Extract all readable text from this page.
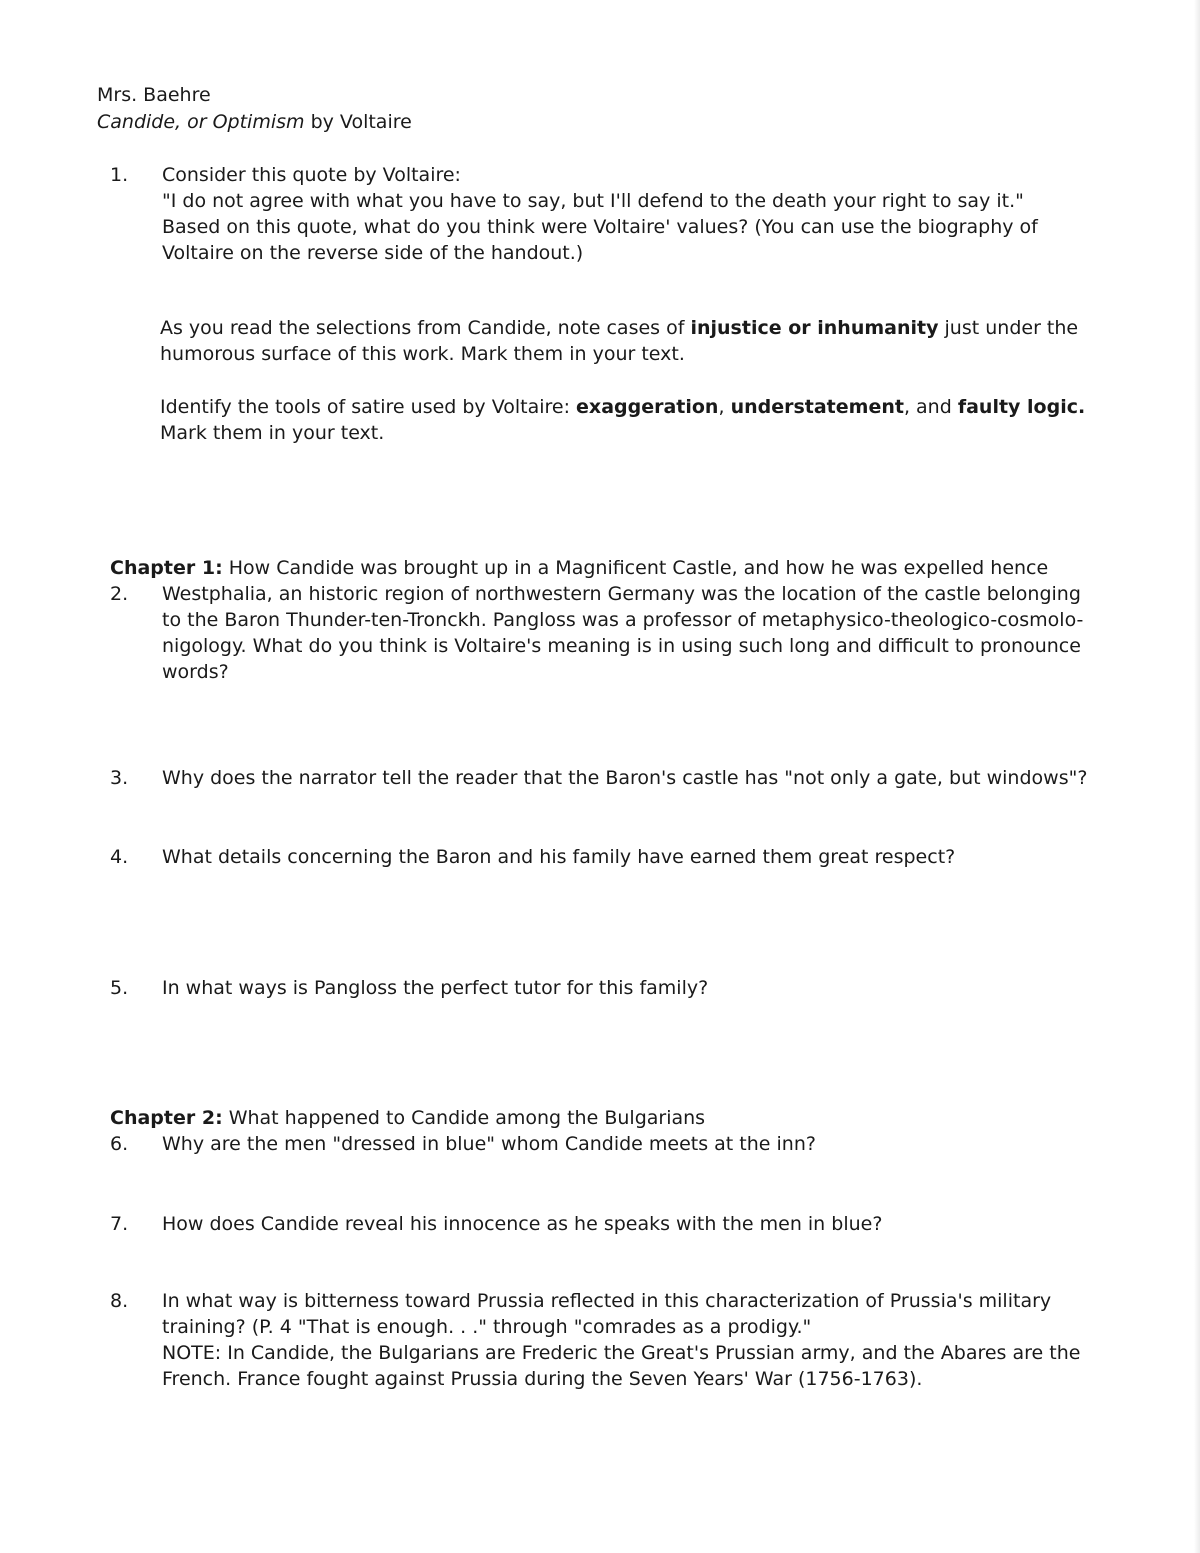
Mrs. Baehre
Candide, or Optimism by Voltaire
1.	Consider this quote by Voltaire:
"I do not agree with what you have to say, but I'll defend to the death your right to say it."
Based on this quote, what do you think were Voltaire' values? (You can use the biography of Voltaire on the reverse side of the handout.)
As you read the selections from Candide, note cases of injustice or inhumanity just under the humorous surface of this work. Mark them in your text.
Identify the tools of satire used by Voltaire: exaggeration, understatement, and faulty logic. Mark them in your text.
Chapter 1: How Candide was brought up in a Magnificent Castle, and how he was expelled hence
2.	Westphalia, an historic region of northwestern Germany was the location of the castle belonging to the Baron Thunder-ten-Tronckh. Pangloss was a professor of metaphysico-theologico-cosmolo-nigology. What do you think is Voltaire's meaning is in using such long and difficult to pronounce words?
3.	Why does the narrator tell the reader that the Baron's castle has "not only a gate, but windows"?
4.	What details concerning the Baron and his family have earned them great respect?
5.	In what ways is Pangloss the perfect tutor for this family?
Chapter 2: What happened to Candide among the Bulgarians
6.	Why are the men "dressed in blue" whom Candide meets at the inn?
7.	How does Candide reveal his innocence as he speaks with the men in blue?
8.	In what way is bitterness toward Prussia reflected in this characterization of Prussia's military training? (P. 4 "That is enough. . ." through "comrades as a prodigy."
NOTE: In Candide, the Bulgarians are Frederic the Great's Prussian army, and the Abares are the French. France fought against Prussia during the Seven Years' War (1756-1763).
